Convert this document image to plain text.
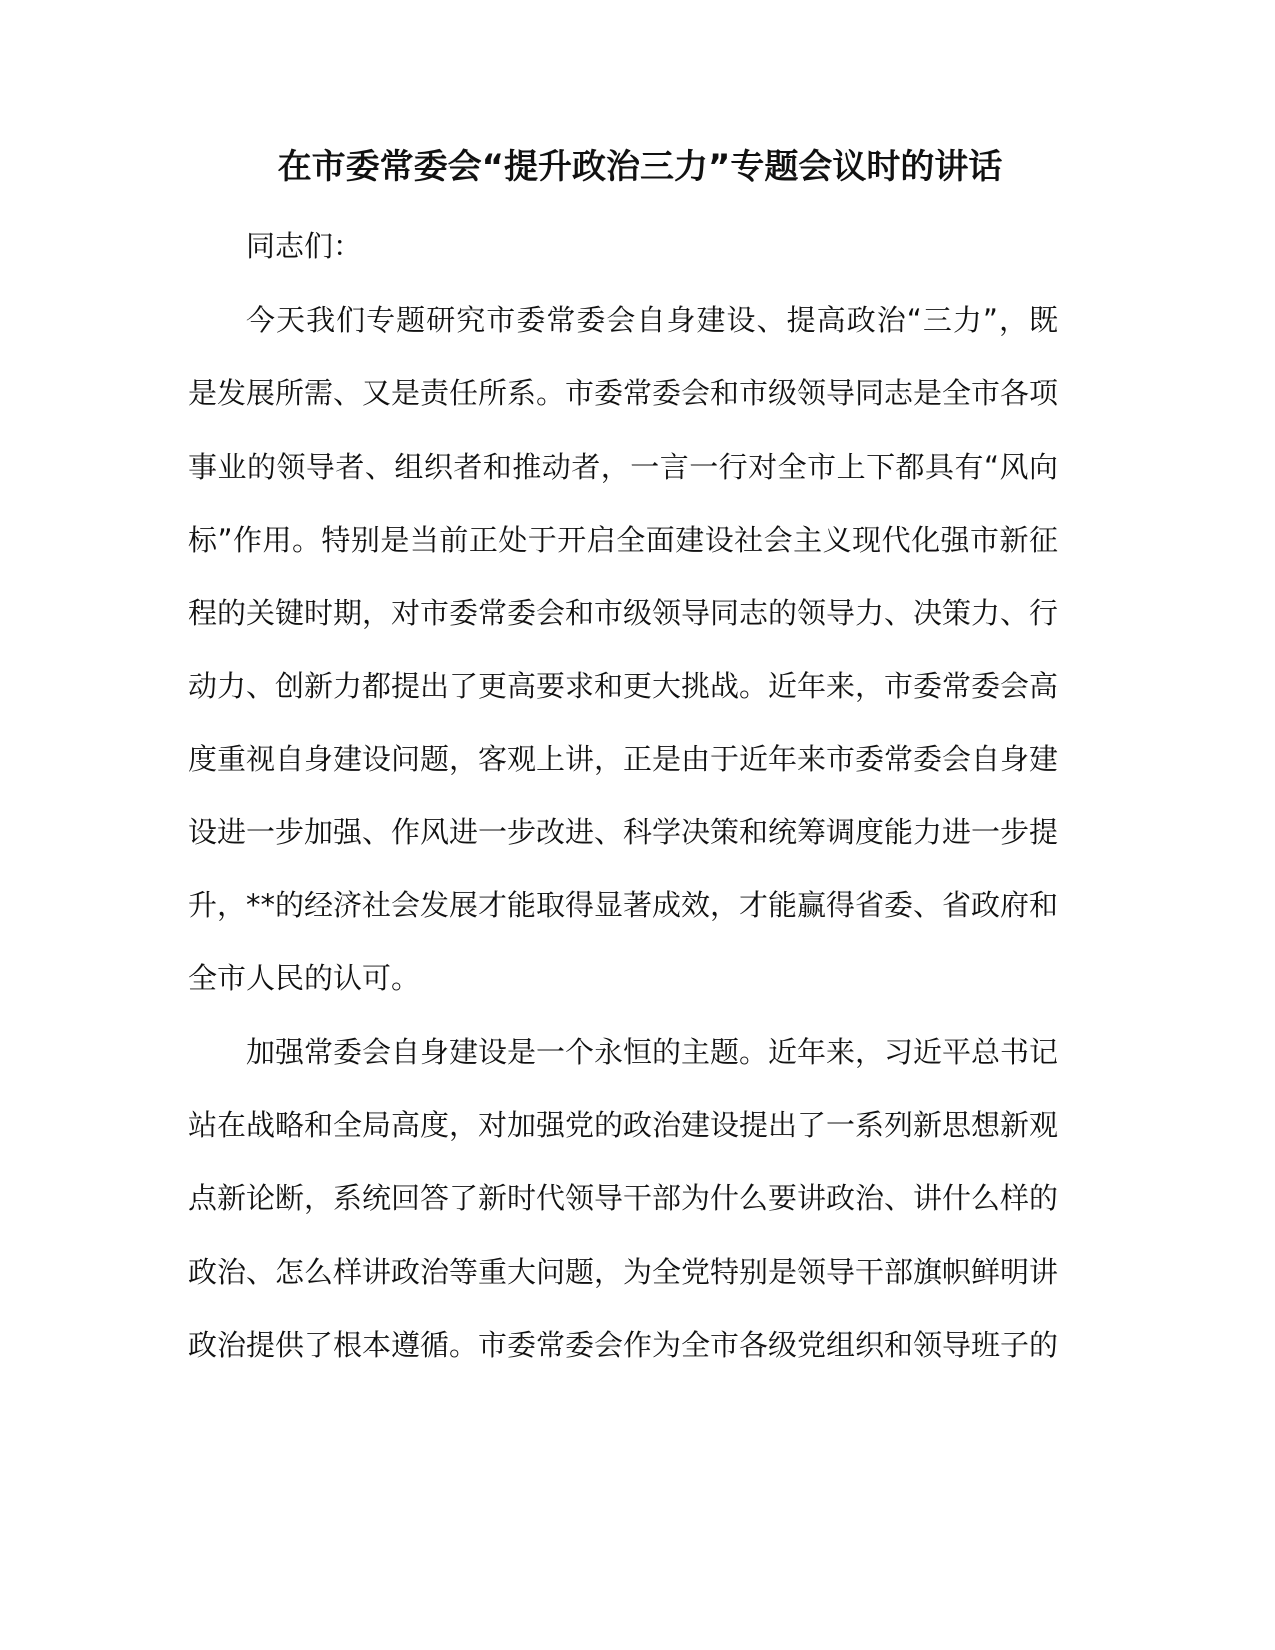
在市委常委会“提升政治三力”专题会议时的讲话

同志们：

今天我们专题研究市委常委会自身建设、提高政治“三力”，既

是发展所需、又是责任所系。市委常委会和市级领导同志是全市各项

事业的领导者、组织者和推动者，一言一行对全市上下都具有“风向

标”作用。特别是当前正处于开启全面建设社会主义现代化强市新征

程的关键时期，对市委常委会和市级领导同志的领导力、决策力、行

动力、创新力都提出了更高要求和更大挑战。近年来，市委常委会高

度重视自身建设问题，客观上讲，正是由于近年来市委常委会自身建

设进一步加强、作风进一步改进、科学决策和统筹调度能力进一步提

升，**的经济社会发展才能取得显著成效，才能赢得省委、省政府和

全市人民的认可。

加强常委会自身建设是一个永恒的主题。近年来，习近平总书记

站在战略和全局高度，对加强党的政治建设提出了一系列新思想新观

点新论断，系统回答了新时代领导干部为什么要讲政治、讲什么样的

政治、怎么样讲政治等重大问题，为全党特别是领导干部旗帜鲜明讲

政治提供了根本遵循。市委常委会作为全市各级党组织和领导班子的
